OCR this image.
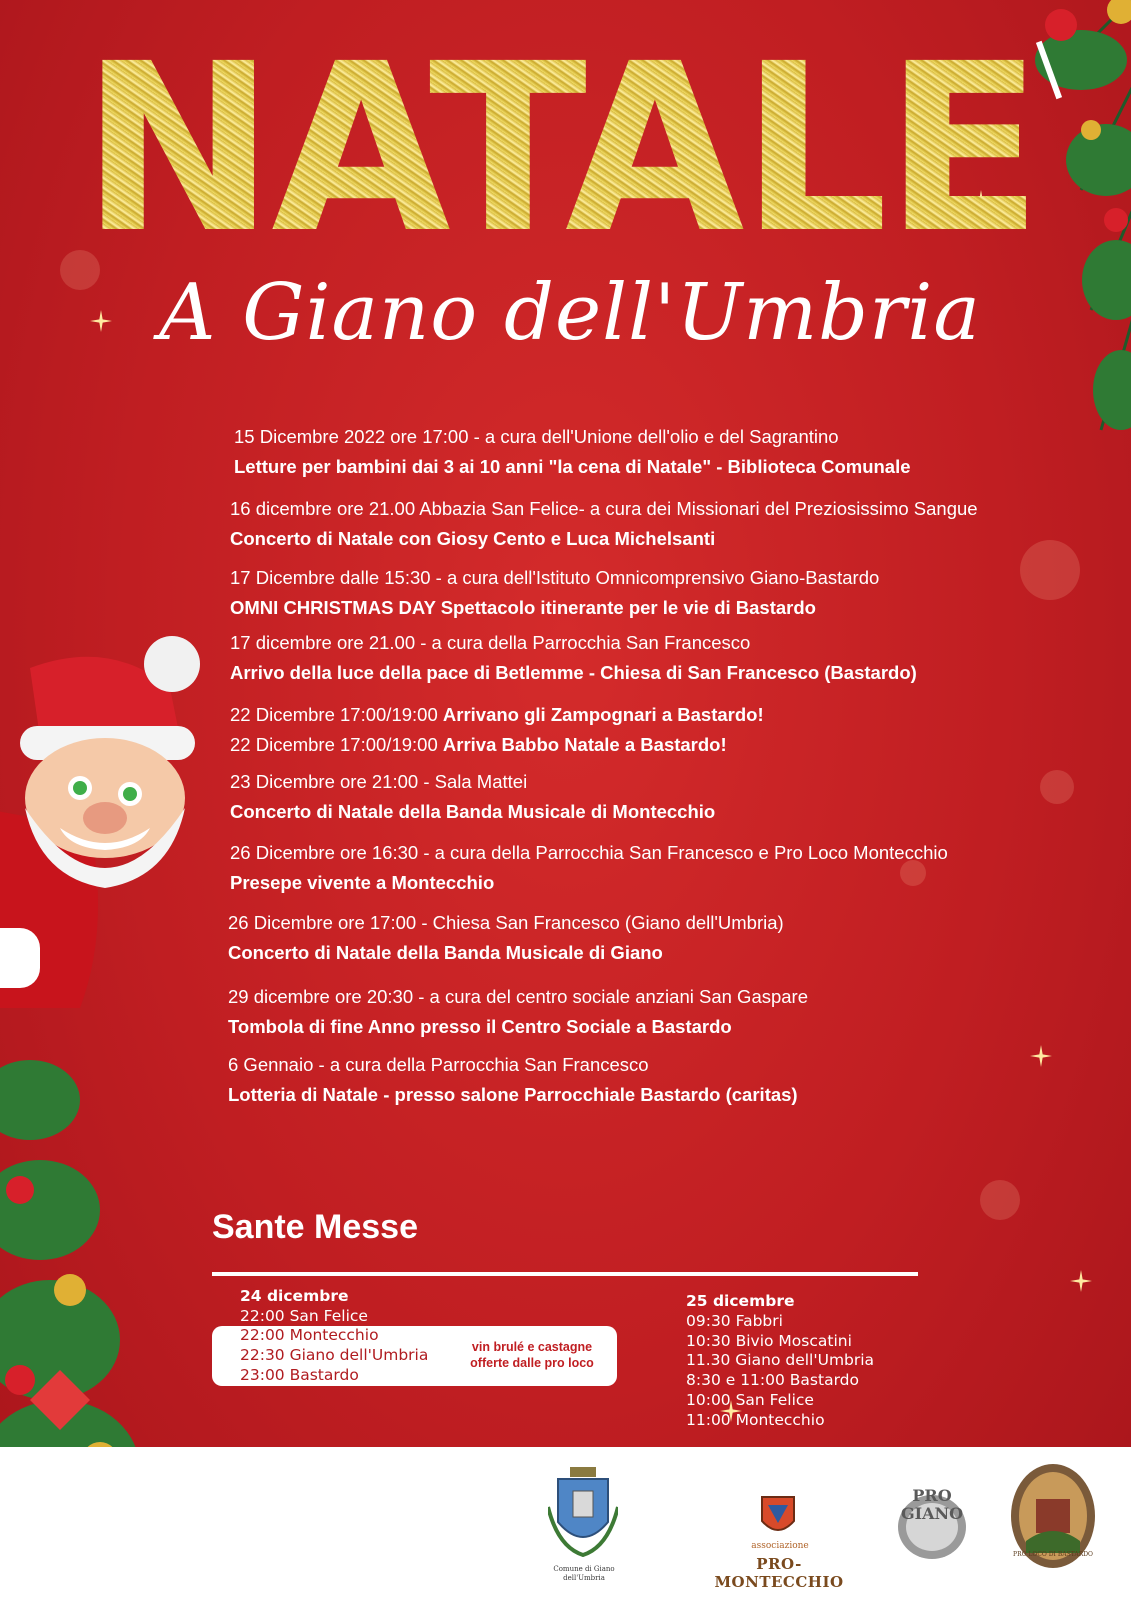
NATALE
A Giano dell'Umbria
15 Dicembre 2022 ore 17:00 - a cura dell'Unione dell'olio e del Sagrantino
Letture per bambini dai 3 ai 10 anni "la cena di Natale" - Biblioteca Comunale
16 dicembre ore 21.00 Abbazia San Felice- a cura dei Missionari del Preziosissimo Sangue
Concerto di Natale con Giosy Cento e Luca Michelsanti
17 Dicembre dalle 15:30 - a cura dell'Istituto Omnicomprensivo Giano-Bastardo
OMNI CHRISTMAS DAY Spettacolo itinerante per le vie di Bastardo
17 dicembre ore 21.00 - a cura della Parrocchia San Francesco
Arrivo della luce della pace di Betlemme - Chiesa di San Francesco (Bastardo)
22 Dicembre 17:00/19:00 Arrivano gli Zampognari a Bastardo!
22 Dicembre 17:00/19:00 Arriva Babbo Natale a Bastardo!
23 Dicembre ore 21:00 - Sala Mattei
Concerto di Natale della Banda Musicale di Montecchio
26 Dicembre ore 16:30 - a cura della Parrocchia San Francesco e Pro Loco Montecchio
Presepe vivente a Montecchio
26 Dicembre ore 17:00 - Chiesa San Francesco (Giano dell'Umbria)
Concerto di Natale della Banda Musicale di Giano
29 dicembre ore 20:30 - a cura del centro sociale anziani San Gaspare
Tombola di fine Anno presso il Centro Sociale a Bastardo
6 Gennaio - a cura della Parrocchia San Francesco
Lotteria di Natale - presso salone Parrocchiale Bastardo (caritas)
Sante Messe
24 dicembre
22:00 San Felice
22:00 Montecchio
22:30 Giano dell'Umbria
23:00 Bastardo
vin brulé e castagne offerte dalle pro loco
25 dicembre
09:30 Fabbri
10:30 Bivio Moscatini
11.30 Giano dell'Umbria
8:30 e 11:00 Bastardo
10:00 San Felice
11:00 Montecchio
Comune di Giano dell'Umbria
associazione
PRO-MONTECCHIO
PRO GIANO
PRO LOCO DI BASTARDO
